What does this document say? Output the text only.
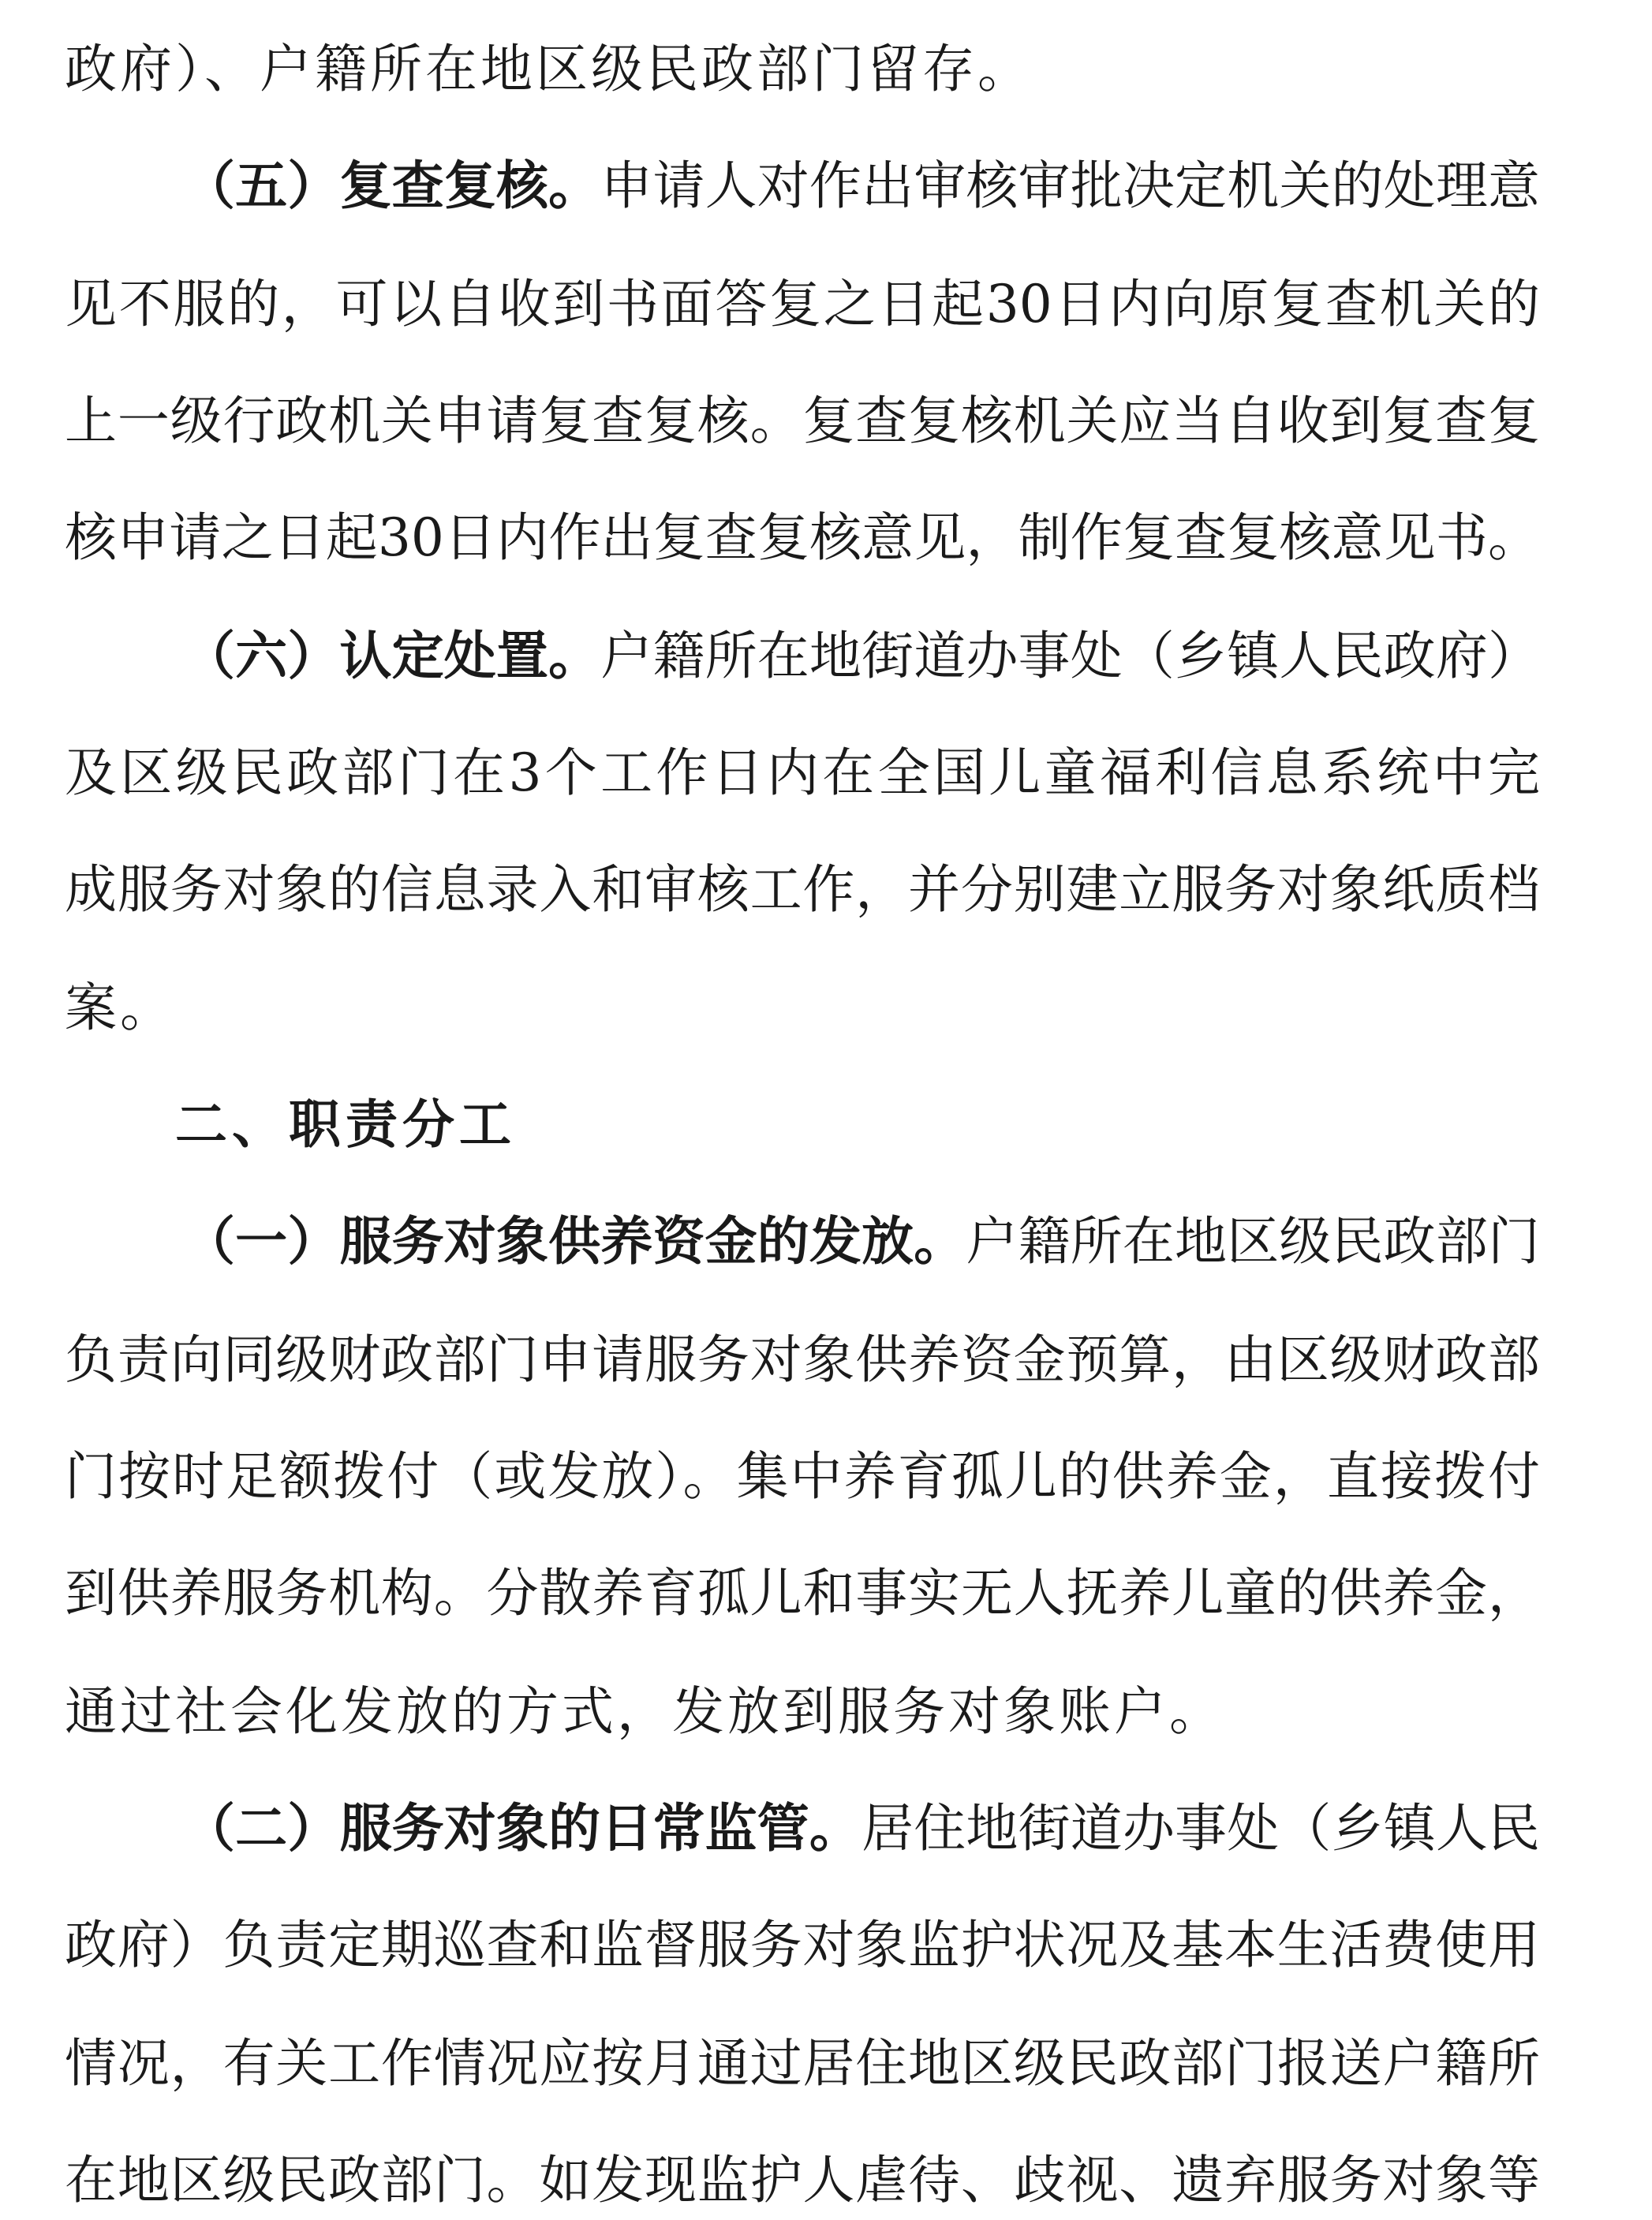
政府）、户籍所在地区级民政部门留存。
（五）复查复核。申请人对作出审核审批决定机关的处理意
见不服的，可以自收到书面答复之日起30日内向原复查机关的
上一级行政机关申请复查复核。复查复核机关应当自收到复查复
核申请之日起30日内作出复查复核意见，制作复查复核意见书。
（六）认定处置。户籍所在地街道办事处（乡镇人民政府）
及区级民政部门在3个工作日内在全国儿童福利信息系统中完
成服务对象的信息录入和审核工作，并分别建立服务对象纸质档
案。
二、职责分工
（一）服务对象供养资金的发放。户籍所在地区级民政部门
负责向同级财政部门申请服务对象供养资金预算，由区级财政部
门按时足额拨付（或发放）。集中养育孤儿的供养金，直接拨付
到供养服务机构。分散养育孤儿和事实无人抚养儿童的供养金，
通过社会化发放的方式，发放到服务对象账户。
（二）服务对象的日常监管。居住地街道办事处（乡镇人民
政府）负责定期巡查和监督服务对象监护状况及基本生活费使用
情况，有关工作情况应按月通过居住地区级民政部门报送户籍所
在地区级民政部门。如发现监护人虐待、歧视、遗弃服务对象等
